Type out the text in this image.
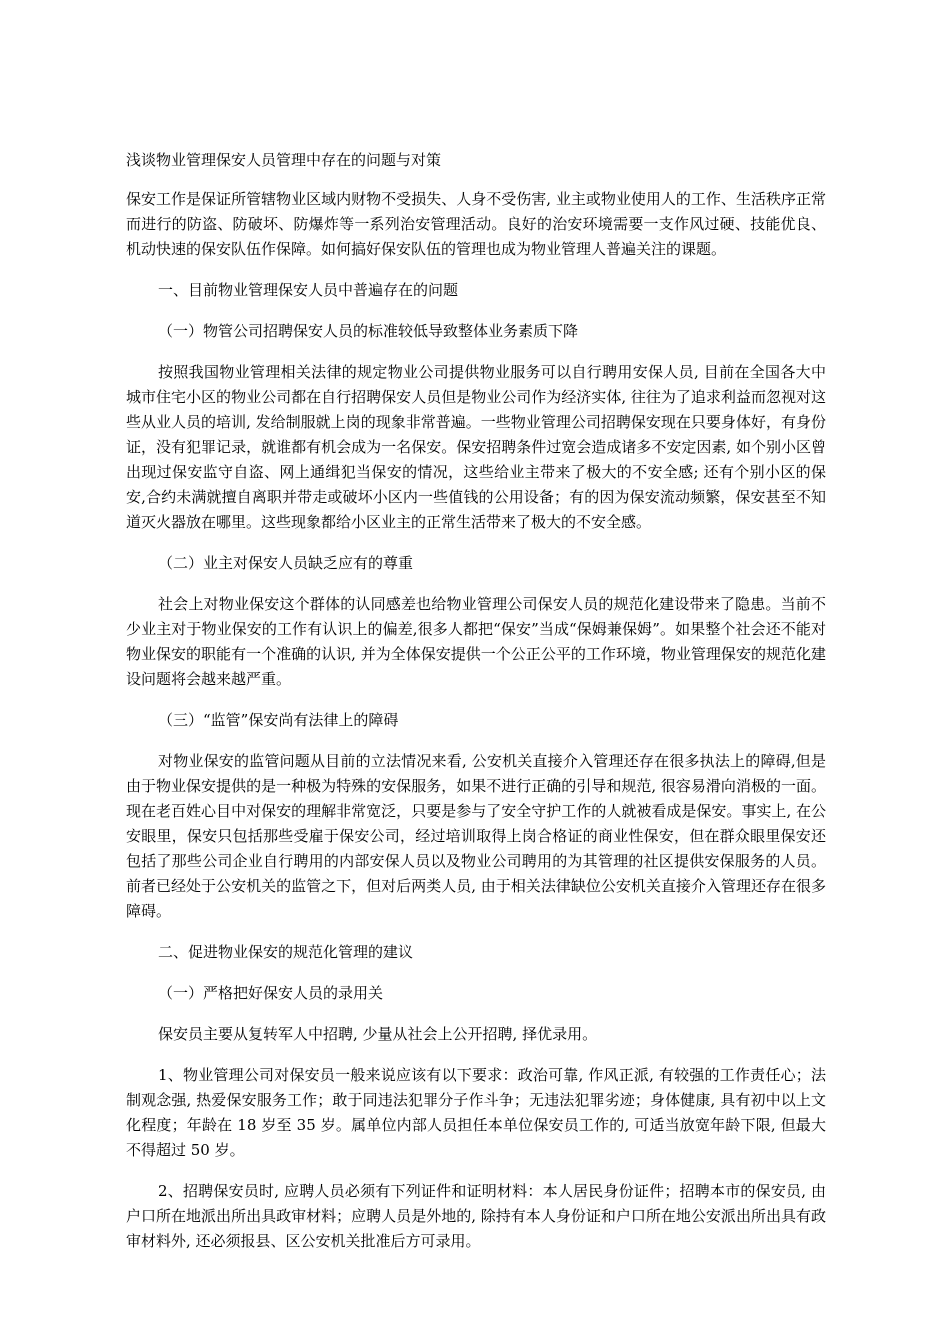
浅谈物业管理保安人员管理中存在的问题与对策

保安工作是保证所管辖物业区域内财物不受损失、人身不受伤害, 业主或物业使用人的工作、生活秩序正常而进行的防盗、防破坏、防爆炸等一系列治安管理活动。良好的治安环境需要一支作风过硬、技能优良、机动快速的保安队伍作保障。如何搞好保安队伍的管理也成为物业管理人普遍关注的课题。

一、目前物业管理保安人员中普遍存在的问题

（一）物管公司招聘保安人员的标准较低导致整体业务素质下降

按照我国物业管理相关法律的规定物业公司提供物业服务可以自行聘用安保人员, 目前在全国各大中城市住宅小区的物业公司都在自行招聘保安人员但是物业公司作为经济实体, 往往为了追求利益而忽视对这些从业人员的培训, 发给制服就上岗的现象非常普遍。一些物业管理公司招聘保安现在只要身体好，有身份证，没有犯罪记录，就谁都有机会成为一名保安。保安招聘条件过宽会造成诸多不安定因素, 如个别小区曾出现过保安监守自盗、网上通缉犯当保安的情况，这些给业主带来了极大的不安全感; 还有个别小区的保安,合约未满就擅自离职并带走或破坏小区内一些值钱的公用设备；有的因为保安流动频繁，保安甚至不知道灭火器放在哪里。这些现象都给小区业主的正常生活带来了极大的不安全感。

（二）业主对保安人员缺乏应有的尊重

社会上对物业保安这个群体的认同感差也给物业管理公司保安人员的规范化建设带来了隐患。当前不少业主对于物业保安的工作有认识上的偏差,很多人都把“保安”当成“保姆兼保姆”。如果整个社会还不能对物业保安的职能有一个准确的认识, 并为全体保安提供一个公正公平的工作环境，物业管理保安的规范化建设问题将会越来越严重。

（三）“监管”保安尚有法律上的障碍

对物业保安的监管问题从目前的立法情况来看, 公安机关直接介入管理还存在很多执法上的障碍,但是由于物业保安提供的是一种极为特殊的安保服务，如果不进行正确的引导和规范, 很容易滑向消极的一面。现在老百姓心目中对保安的理解非常宽泛，只要是参与了安全守护工作的人就被看成是保安。事实上, 在公安眼里，保安只包括那些受雇于保安公司，经过培训取得上岗合格证的商业性保安，但在群众眼里保安还包括了那些公司企业自行聘用的内部安保人员以及物业公司聘用的为其管理的社区提供安保服务的人员。前者已经处于公安机关的监管之下，但对后两类人员, 由于相关法律缺位公安机关直接介入管理还存在很多障碍。

二、促进物业保安的规范化管理的建议

（一）严格把好保安人员的录用关

保安员主要从复转军人中招聘, 少量从社会上公开招聘, 择优录用。

1、物业管理公司对保安员一般来说应该有以下要求：政治可靠, 作风正派, 有较强的工作责任心；法制观念强, 热爱保安服务工作；敢于同违法犯罪分子作斗争；无违法犯罪劣迹；身体健康, 具有初中以上文化程度；年龄在 18 岁至 35 岁。属单位内部人员担任本单位保安员工作的, 可适当放宽年龄下限, 但最大不得超过 50 岁。

2、招聘保安员时, 应聘人员必须有下列证件和证明材料：本人居民身份证件；招聘本市的保安员, 由户口所在地派出所出具政审材料；应聘人员是外地的, 除持有本人身份证和户口所在地公安派出所出具有政审材料外, 还必须报县、区公安机关批准后方可录用。
